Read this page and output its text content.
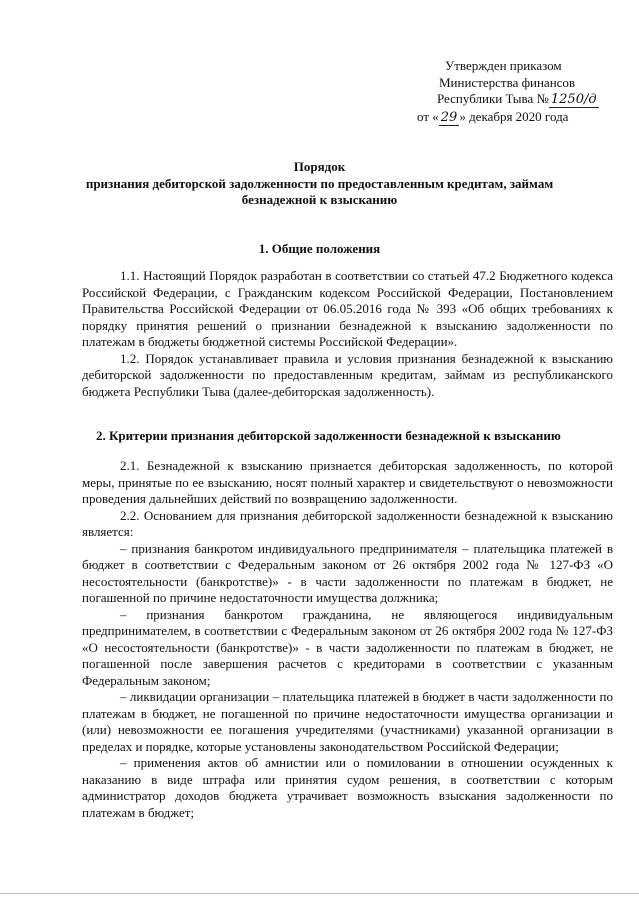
Утвержден приказом
Министерства финансов
Республики Тыва № 1250/д
от « 29 » декабря 2020 года
Порядок
признания дебиторской задолженности по предоставленным кредитам, займам
безнадежной к взысканию
1. Общие положения

1.1. Настоящий Порядок разработан в соответствии со статьей 47.2 Бюджетного кодекса Российской Федерации, с Гражданским кодексом Российской Федерации, Постановлением Правительства Российской Федерации от 06.05.2016 года № 393 «Об общих требованиях к порядку принятия решений о признании безнадежной к взысканию задолженности по платежам в бюджеты бюджетной системы Российской Федерации».

1.2. Порядок устанавливает правила и условия признания безнадежной к взысканию дебиторской задолженности по предоставленным кредитам, займам из республиканского бюджета Республики Тыва (далее-дебиторская задолженность).

2. Критерии признания дебиторской задолженности безнадежной к взысканию

2.1. Безнадежной к взысканию признается дебиторская задолженность, по которой меры, принятые по ее взысканию, носят полный характер и свидетельствуют о невозможности проведения дальнейших действий по возвращению задолженности.

2.2. Основанием для признания дебиторской задолженности безнадежной к взысканию является:

– признания банкротом индивидуального предпринимателя – плательщика платежей в бюджет в соответствии с Федеральным законом от 26 октября 2002 года № 127-ФЗ «О несостоятельности (банкротстве)» - в части задолженности по платежам в бюджет, не погашенной по причине недостаточности имущества должника;

– признания банкротом гражданина, не являющегося индивидуальным предпринимателем, в соответствии с Федеральным законом от 26 октября 2002 года № 127-ФЗ «О несостоятельности (банкротстве)» - в части задолженности по платежам в бюджет, не погашенной после завершения расчетов с кредиторами в соответствии с указанным Федеральным законом;

– ликвидации организации – плательщика платежей в бюджет в части задолженности по платежам в бюджет, не погашенной по причине недостаточности имущества организации и (или) невозможности ее погашения учредителями (участниками) указанной организации в пределах и порядке, которые установлены законодательством Российской Федерации;

– применения актов об амнистии или о помиловании в отношении осужденных к наказанию в виде штрафа или принятия судом решения, в соответствии с которым администратор доходов бюджета утрачивает возможность взыскания задолженности по платежам в бюджет;
